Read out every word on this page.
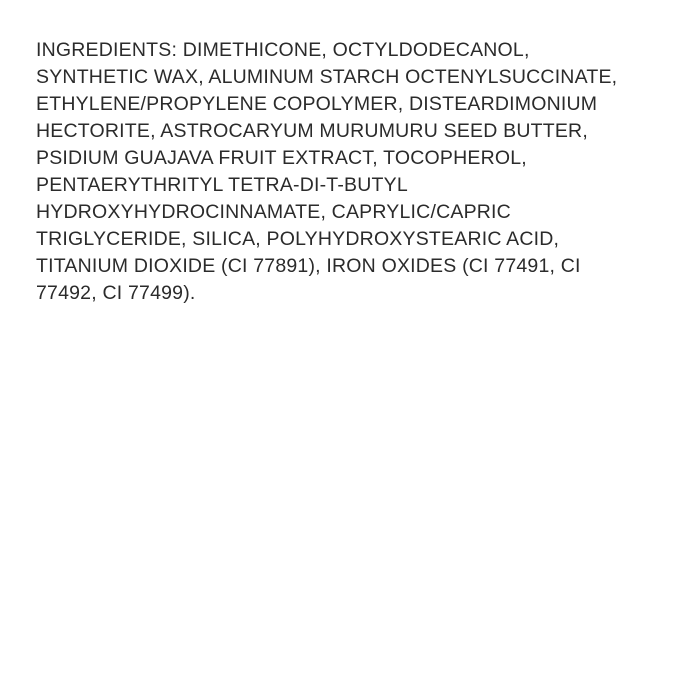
INGREDIENTS: DIMETHICONE, OCTYLDODECANOL,
SYNTHETIC WAX, ALUMINUM STARCH OCTENYLSUCCINATE,
ETHYLENE/PROPYLENE COPOLYMER, DISTEARDIMONIUM
HECTORITE, ASTROCARYUM MURUMURU SEED BUTTER,
PSIDIUM GUAJAVA FRUIT EXTRACT, TOCOPHEROL,
PENTAERYTHRITYL TETRA-DI-T-BUTYL
HYDROXYHYDROCINNAMATE, CAPRYLIC/CAPRIC
TRIGLYCERIDE, SILICA, POLYHYDROXYSTEARIC ACID,
TITANIUM DIOXIDE (CI 77891), IRON OXIDES (CI 77491, CI
77492, CI 77499).
